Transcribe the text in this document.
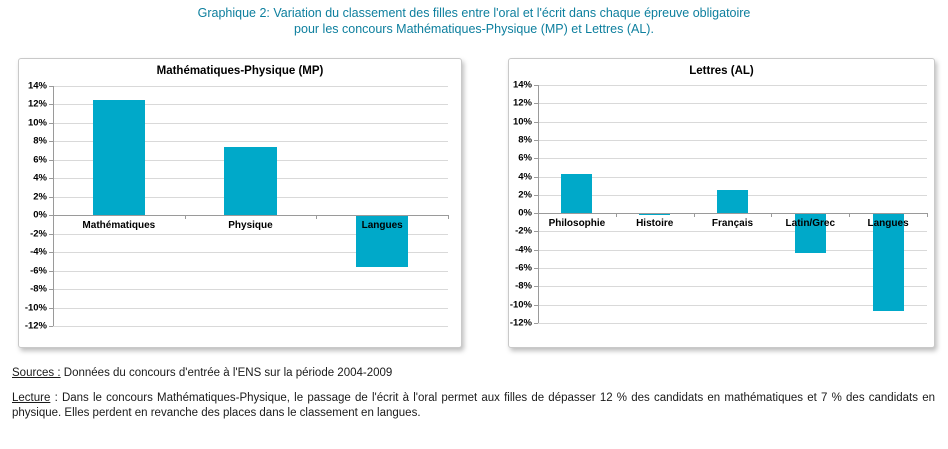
Graphique 2: Variation du classement des filles entre l'oral et l'écrit dans chaque épreuve obligatoire
pour les concours Mathématiques-Physique (MP) et Lettres (AL).
Mathématiques-Physique (MP)
-12%
-10%
-8%
-6%
-4%
-2%
0%
2%
4%
6%
8%
10%
12%
14%
Mathématiques	Physique	Langues
Lettres (AL)
-12%
-10%
-8%
-6%
-4%
-2%
0%
2%
4%
6%
8%
10%
12%
14%
Philosophie	Histoire	Français	Latin/Grec	Langues
Sources : Données du concours d'entrée à l'ENS sur la période 2004-2009
Lecture : Dans le concours Mathématiques-Physique, le passage de l'écrit à l'oral permet aux filles de dépasser 12 % des candidats en mathématiques et 7 % des candidats en physique. Elles perdent en revanche des places dans le classement en langues.
